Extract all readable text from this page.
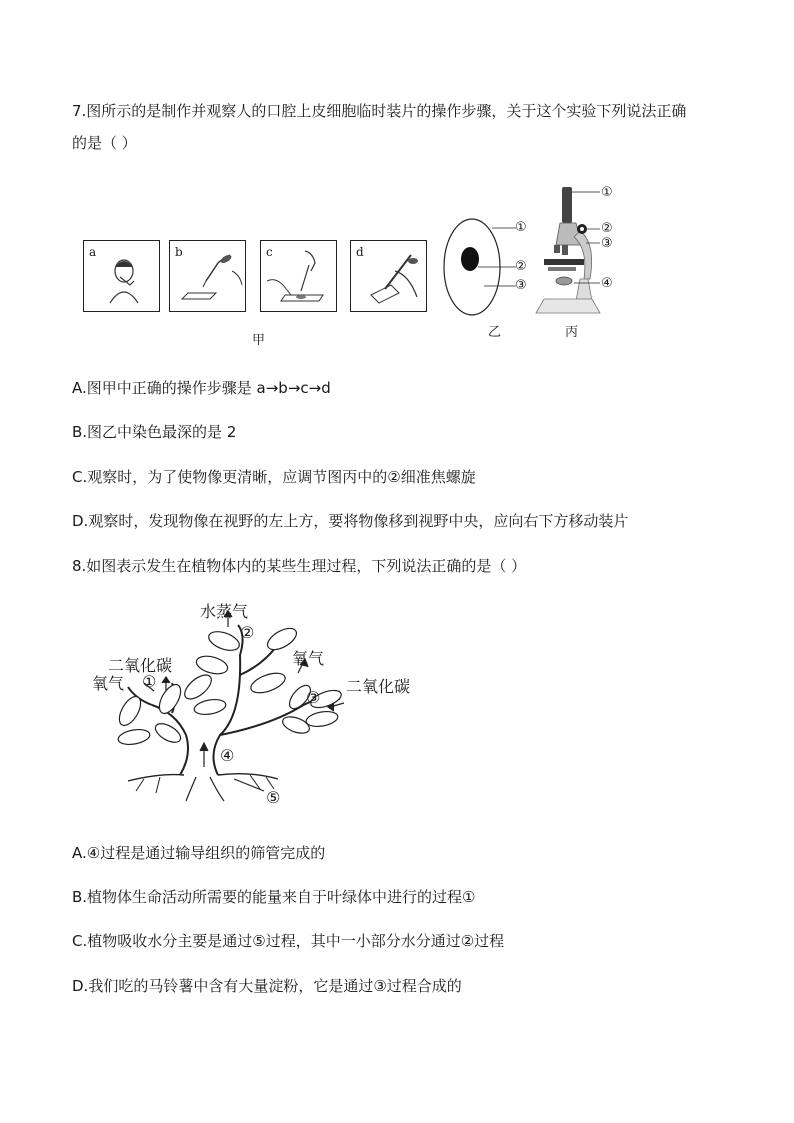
7.图所示的是制作并观察人的口腔上皮细胞临时装片的操作步骤，关于这个实验下列说法正确
的是（ ）
a	b	c	d
甲
①
②
③
乙
①
②
③
④
丙
A.图甲中正确的操作步骤是 a→b→c→d
B.图乙中染色最深的是 2
C.观察时，为了使物像更清晰，应调节图丙中的②细准焦螺旋
D.观察时，发现物像在视野的左上方，要将物像移到视野中央，应向右下方移动装片
8.如图表示发生在植物体内的某些生理过程，下列说法正确的是（ ）
水蒸气
②
二氧化碳
氧气 ①
氧气
二氧化碳
③
④
⑤
A.④过程是通过输导组织的筛管完成的
B.植物体生命活动所需要的能量来自于叶绿体中进行的过程①
C.植物吸收水分主要是通过⑤过程，其中一小部分水分通过②过程
D.我们吃的马铃薯中含有大量淀粉，它是通过③过程合成的
